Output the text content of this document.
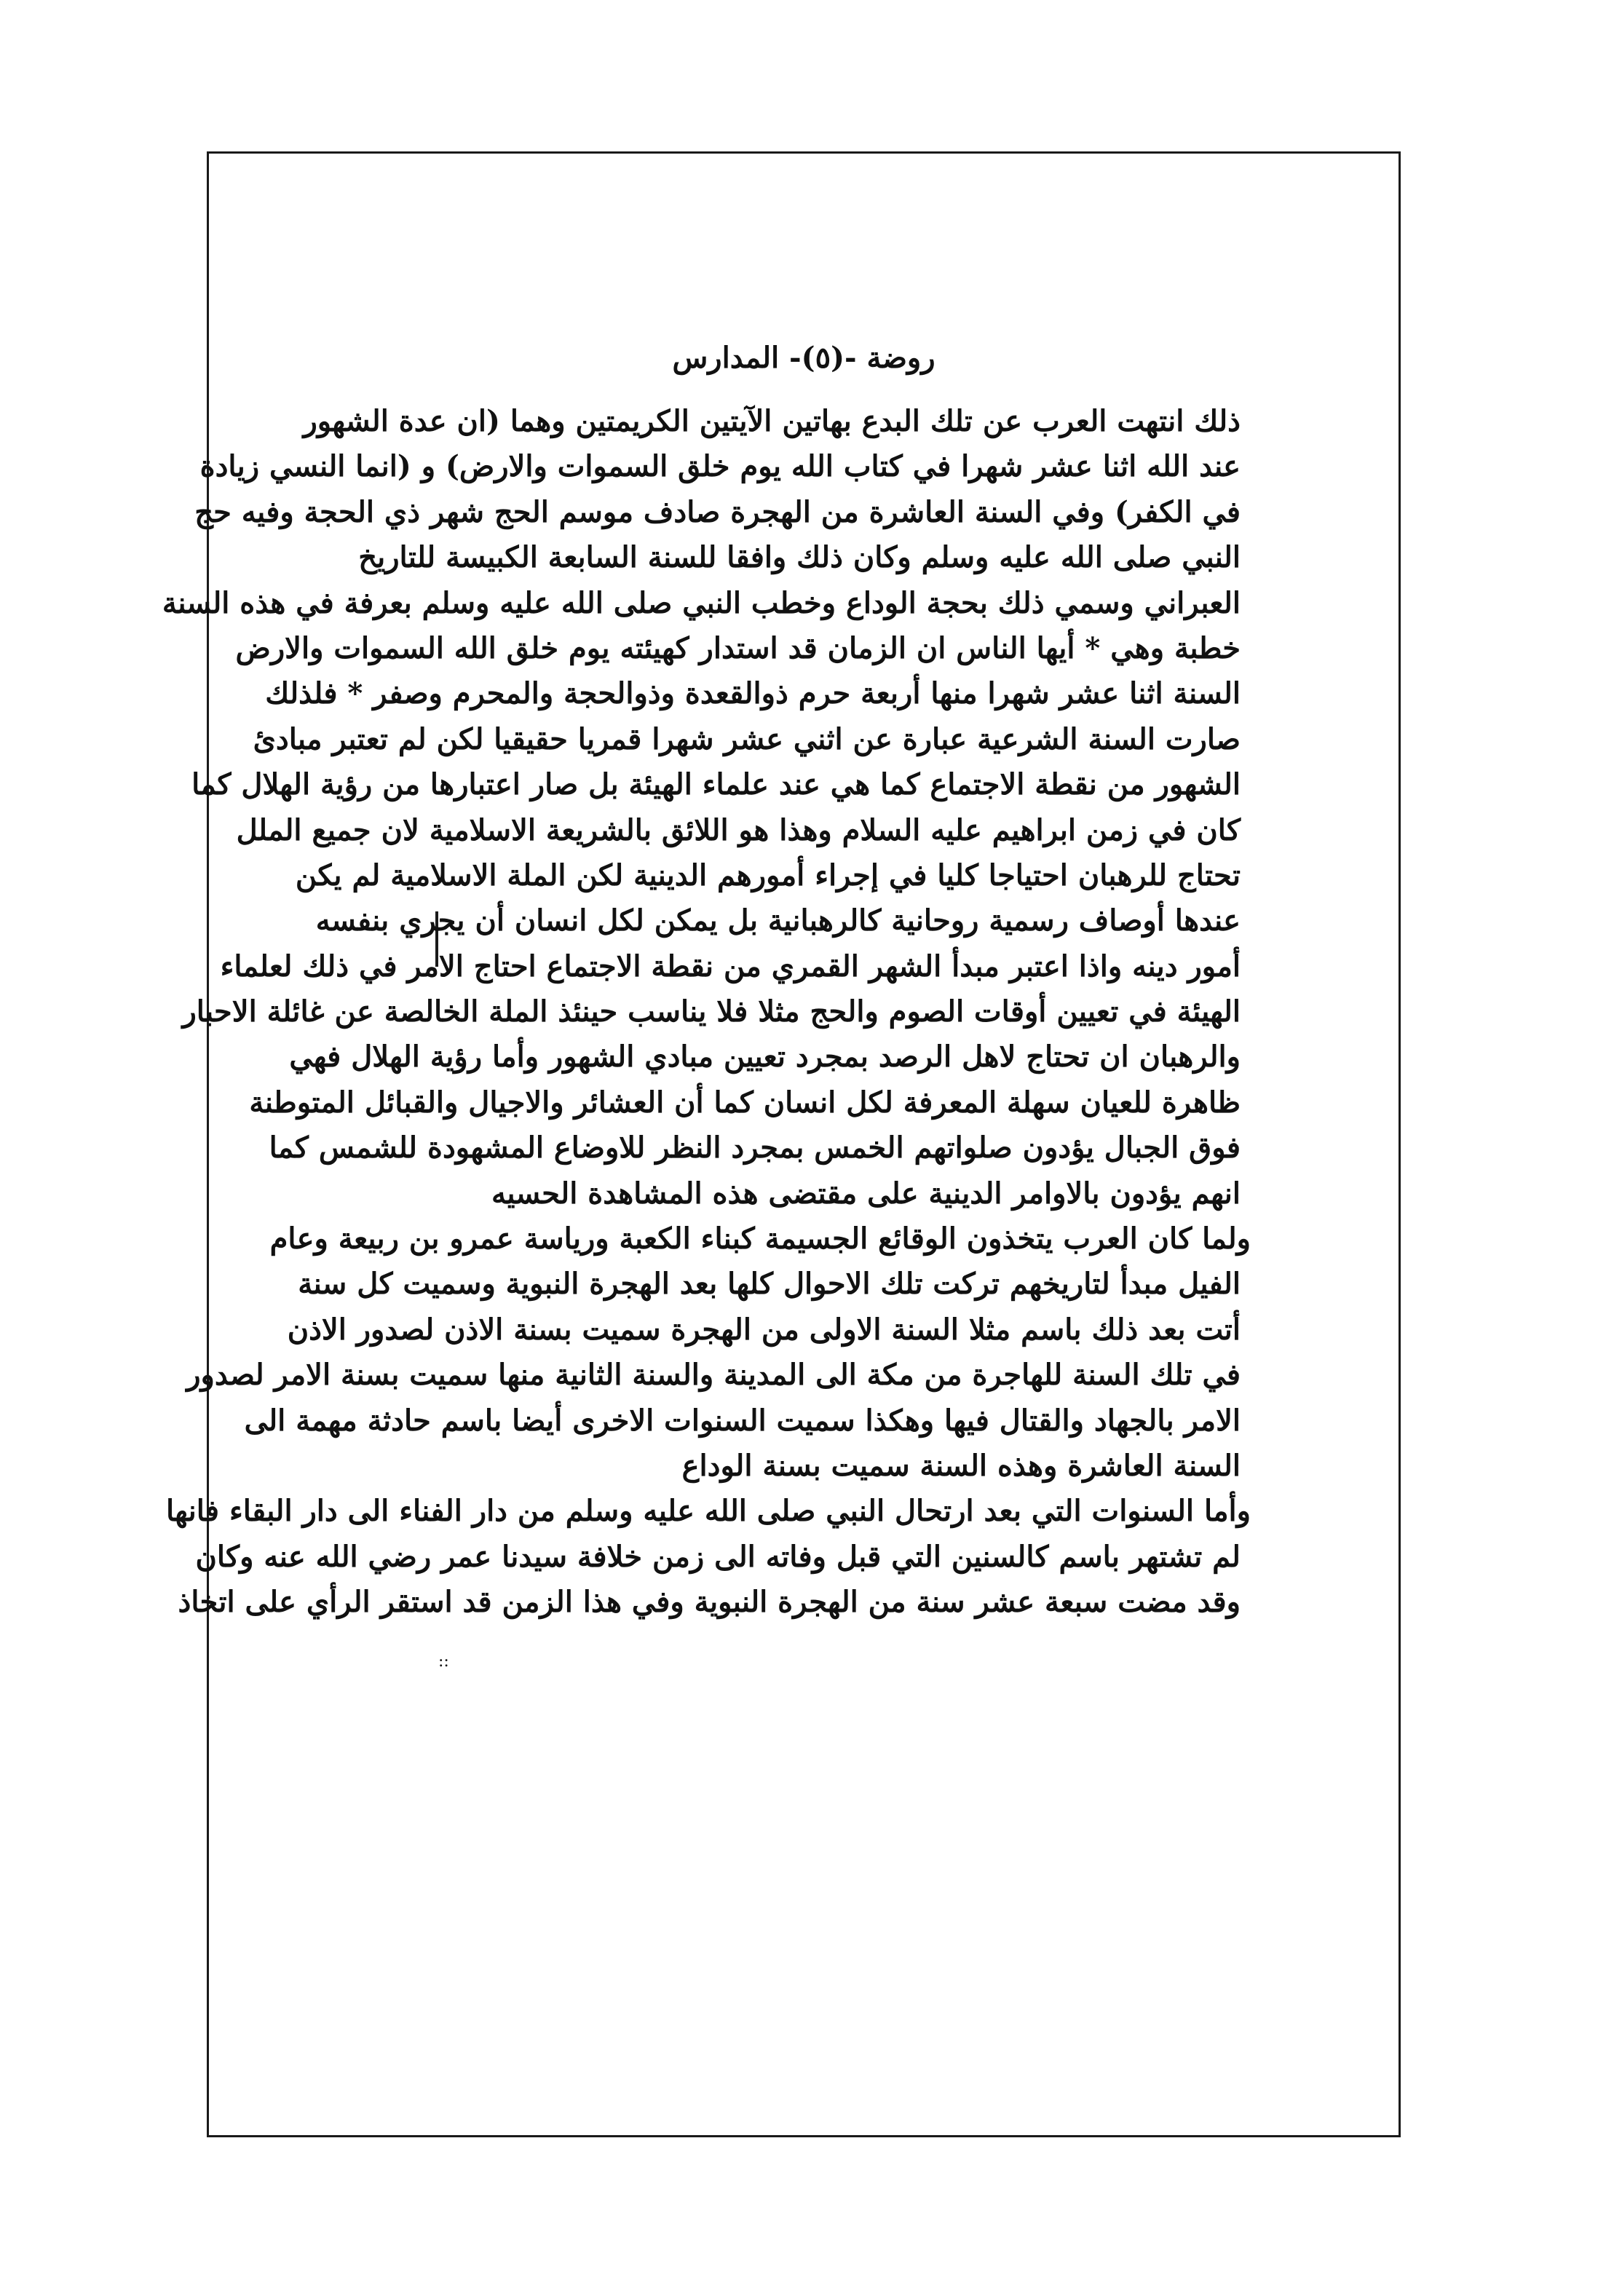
روضة -(٥)- المدارس
ذلك انتهت العرب عن تلك البدع بهاتين الآيتين الكريمتين وهما (ان عدة الشهور
عند الله اثنا عشر شهرا في كتاب الله يوم خلق السموات والارض) و (انما النسي زيادة
في الكفر) وفي السنة العاشرة من الهجرة صادف موسم الحج شهر ذي الحجة وفيه حج
النبي صلى الله عليه وسلم وكان ذلك وافقا للسنة السابعة الكبيسة للتاريخ
العبراني وسمي ذلك بحجة الوداع وخطب النبي صلى الله عليه وسلم بعرفة في هذه السنة
خطبة وهي * أيها الناس ان الزمان قد استدار كهيئته يوم خلق الله السموات والارض
السنة اثنا عشر شهرا منها أربعة حرم ذوالقعدة وذوالحجة والمحرم وصفر * فلذلك
صارت السنة الشرعية عبارة عن اثني عشر شهرا قمريا حقيقيا لكن لم تعتبر مبادئ
الشهور من نقطة الاجتماع كما هي عند علماء الهيئة بل صار اعتبارها من رؤية الهلال كما
كان في زمن ابراهيم عليه السلام وهذا هو اللائق بالشريعة الاسلامية لان جميع الملل
تحتاج للرهبان احتياجا كليا في إجراء أمورهم الدينية لكن الملة الاسلامية لم يكن
عندها أوصاف رسمية روحانية كالرهبانية بل يمكن لكل انسان أن يجري بنفسه
أمور دينه واذا اعتبر مبدأ الشهر القمري من نقطة الاجتماع احتاج الامر في ذلك لعلماء
الهيئة في تعيين أوقات الصوم والحج مثلا فلا يناسب حينئذ الملة الخالصة عن غائلة الاحبار
والرهبان ان تحتاج لاهل الرصد بمجرد تعيين مبادي الشهور وأما رؤية الهلال فهي
ظاهرة للعيان سهلة المعرفة لكل انسان كما أن العشائر والاجيال والقبائل المتوطنة
فوق الجبال يؤدون صلواتهم الخمس بمجرد النظر للاوضاع المشهودة للشمس كما
انهم يؤدون بالاوامر الدينية على مقتضى هذه المشاهدة الحسيه
ولما كان العرب يتخذون الوقائع الجسيمة كبناء الكعبة ورياسة عمرو بن ربيعة وعام
الفيل مبدأ لتاريخهم تركت تلك الاحوال كلها بعد الهجرة النبوية وسميت كل سنة
أتت بعد ذلك باسم مثلا السنة الاولى من الهجرة سميت بسنة الاذن لصدور الاذن
في تلك السنة للهاجرة من مكة الى المدينة والسنة الثانية منها سميت بسنة الامر لصدور
الامر بالجهاد والقتال فيها وهكذا سميت السنوات الاخرى أيضا باسم حادثة مهمة الى
السنة العاشرة وهذه السنة سميت بسنة الوداع
وأما السنوات التي بعد ارتحال النبي صلى الله عليه وسلم من دار الفناء الى دار البقاء فانها
لم تشتهر باسم كالسنين التي قبل وفاته الى زمن خلافة سيدنا عمر رضي الله عنه وكان
وقد مضت سبعة عشر سنة من الهجرة النبوية وفي هذا الزمن قد استقر الرأي على اتخاذ
::
